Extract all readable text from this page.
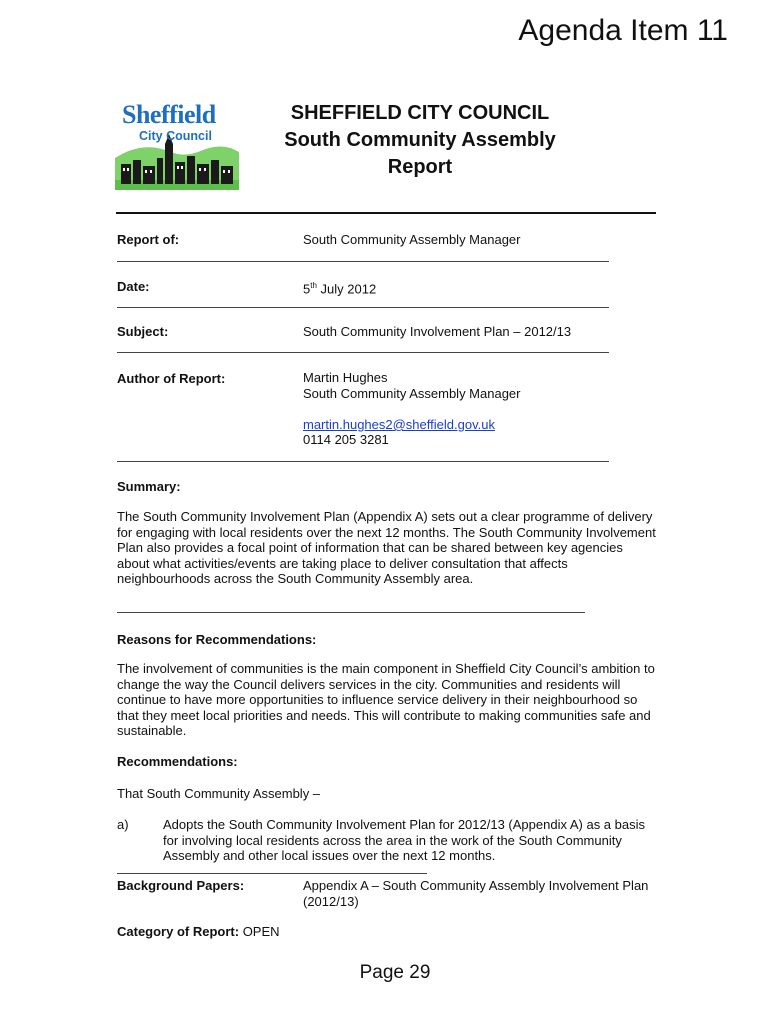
Agenda Item 11
Sheffield
City Council
SHEFFIELD CITY COUNCIL
South Community Assembly
Report
Report of:	South Community Assembly Manager
Date:	5th July 2012
Subject:	South Community Involvement Plan – 2012/13
Author of Report:	Martin Hughes
South Community Assembly Manager
martin.hughes2@sheffield.gov.uk
0114 205 3281
Summary:
The South Community Involvement Plan (Appendix A) sets out a clear programme of delivery for engaging with local residents over the next 12 months. The South Community Involvement Plan also provides a focal point of information that can be shared between key agencies about what activities/events are taking place to deliver consultation that affects neighbourhoods across the South Community Assembly area.
Reasons for Recommendations:
The involvement of communities is the main component in Sheffield City Council’s ambition to change the way the Council delivers services in the city. Communities and residents will continue to have more opportunities to influence service delivery in their neighbourhood so that they meet local priorities and needs. This will contribute to making communities safe and sustainable.
Recommendations:
That South Community Assembly –
a)	Adopts the South Community Involvement Plan for 2012/13 (Appendix A) as a basis for involving local residents across the area in the work of the South Community Assembly and other local issues over the next 12 months.
Background Papers:	Appendix A – South Community Assembly Involvement Plan (2012/13)
Category of Report: OPEN
Page 29
